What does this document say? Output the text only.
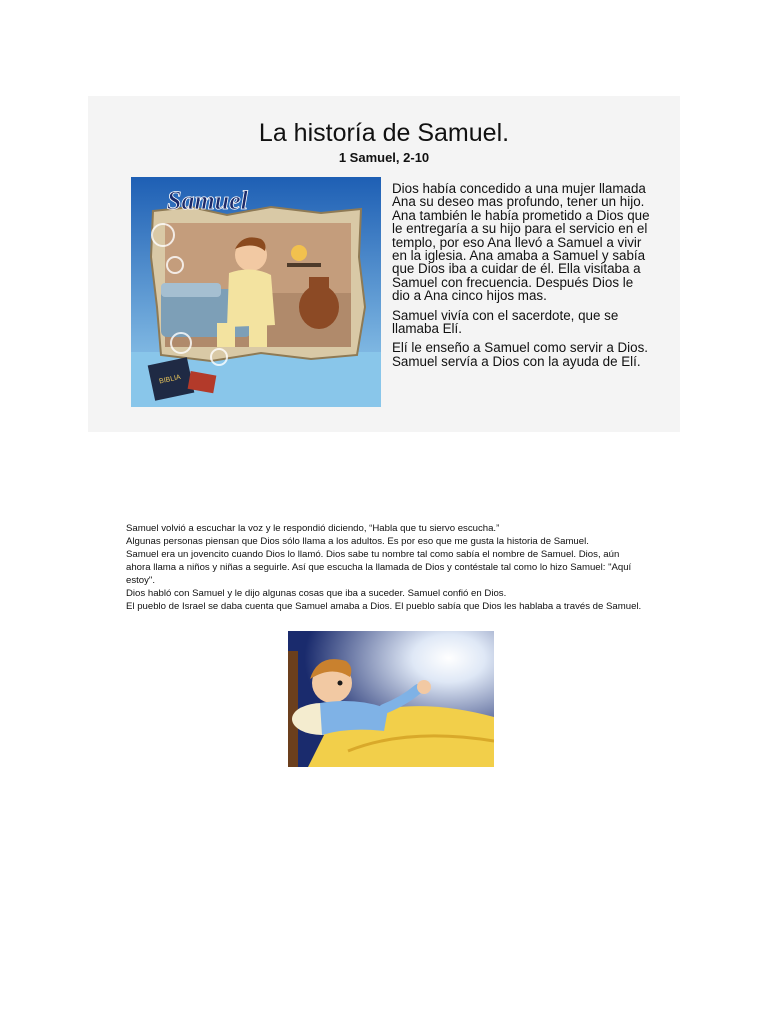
La historía de Samuel.
1 Samuel, 2-10
BIBLIA
Samuel	Dios había concedido a una mujer llamada Ana su deseo mas profundo, tener un hijo. Ana también le había prometido a Dios que le entregaría a su hijo para el servicio en el templo, por eso Ana llevó a Samuel a vivir en la iglesia. Ana amaba a Samuel y sabía que Dios iba a cuidar de él. Ella visitaba a Samuel con frecuencia. Después Dios le dio a Ana cinco hijos mas.

Samuel vivía con el sacerdote, que se llamaba Elí.

Elí le enseño a Samuel como servir a Dios. Samuel servía a Dios con la ayuda de Elí.

Samuel volvió a escuchar la voz y le respondió diciendo, “Habla que tu siervo escucha.”

Algunas personas piensan que Dios sólo llama a los adultos. Es por eso que me gusta la historia de Samuel.

Samuel era un jovencito cuando Dios lo llamó. Dios sabe tu nombre tal como sabía el nombre de Samuel. Dios, aún ahora llama a niños y niñas a seguirle. Así que escucha la llamada de Dios y contéstale tal como lo hizo Samuel: "Aquí estoy".

Dios habló con Samuel y le dijo algunas cosas que iba a suceder. Samuel confió en Dios.

El pueblo de Israel se daba cuenta que Samuel amaba a Dios. El pueblo sabía que Dios les hablaba a través de Samuel.
